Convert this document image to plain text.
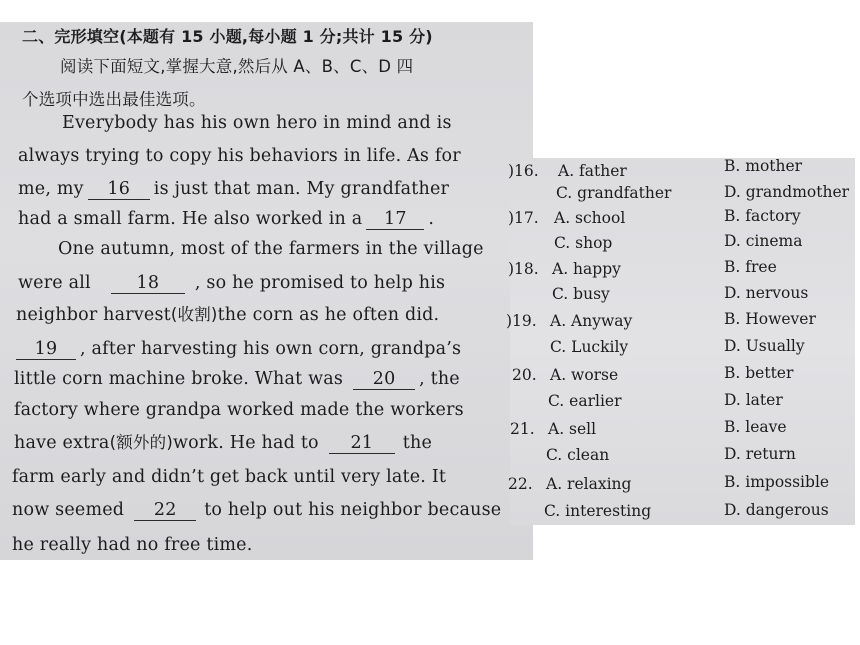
二、完形填空(本题有 15 小题,每小题 1 分;共计 15 分)
阅读下面短文,掌握大意,然后从 A、B、C、D 四
个选项中选出最佳选项。
Everybody has his own hero in mind and is
always trying to copy his behaviors in life. As for
me, my 16 is just that man. My grandfather
had a small farm. He also worked in a 17 .
One autumn, most of the farmers in the village
were all	18 , so he promised to help his
neighbor harvest(收割)the corn as he often did.
19 , after harvesting his own corn, grandpa’s
little corn machine broke. What was 20 , the
factory where grandpa worked made the workers
have extra(额外的)work. He had to 21 the
farm early and didn’t get back until very late. It
now seemed 22 to help out his neighbor because
he really had no free time.
)16. A. father	B. mother
C. grandfather	D. grandmother
)17. A. school	B. factory
C. shop	D. cinema
)18. A. happy	B. free
C. busy	D. nervous
)19. A. Anyway	B. However
C. Luckily	D. Usually
20. A. worse	B. better
C. earlier	D. later
21. A. sell	B. leave
C. clean	D. return
22. A. relaxing	B. impossible
C. interesting	D. dangerous
